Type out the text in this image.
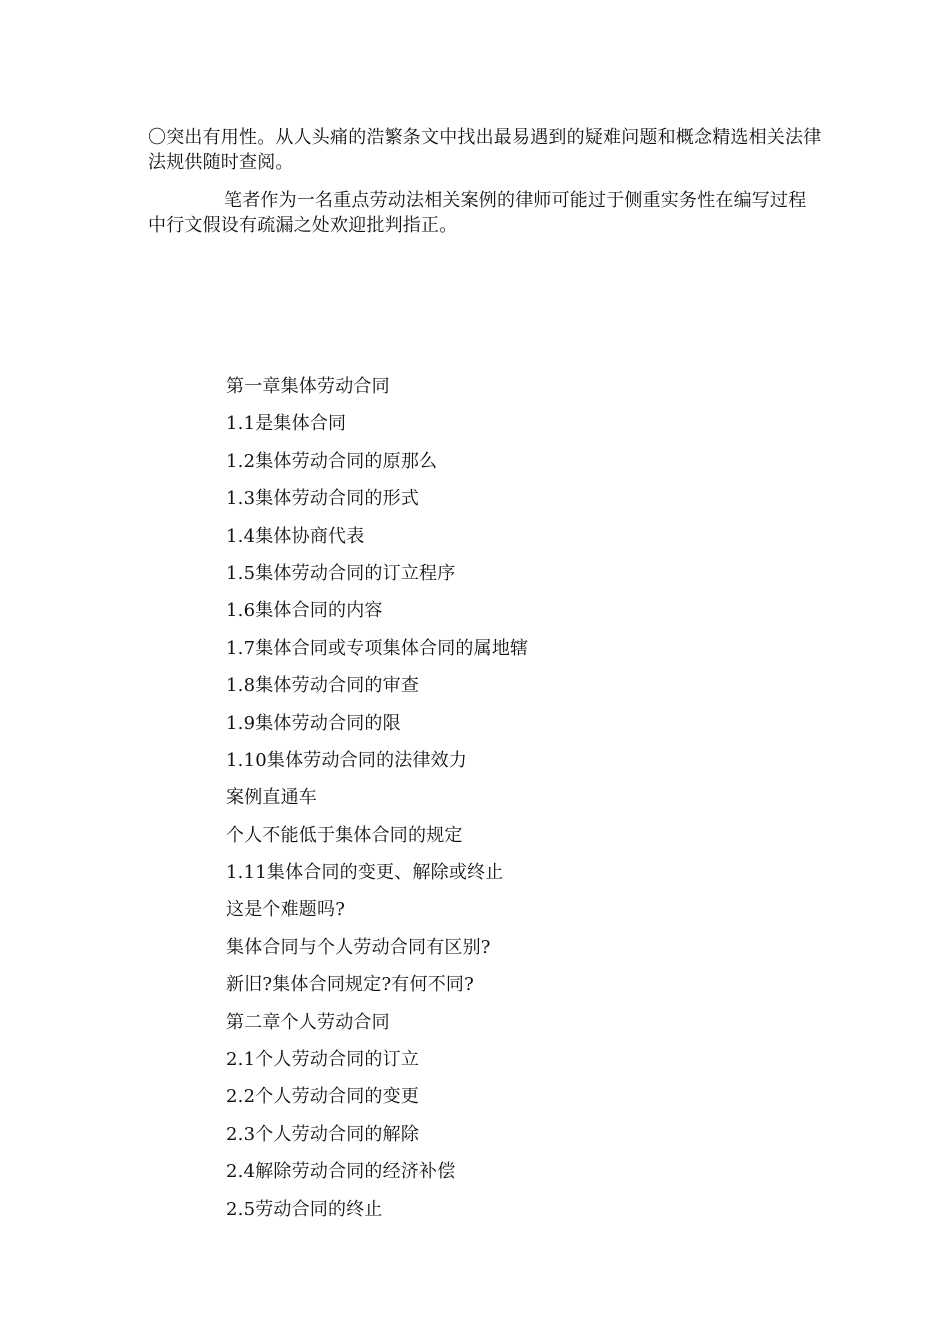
〇突出有用性。从人头痛的浩繁条文中找出最易遇到的疑难问题和概念精选相关法律法规供随时查阅。

笔者作为一名重点劳动法相关案例的律师可能过于侧重实务性在编写过程中行文假设有疏漏之处欢迎批判指正。

第一章集体劳动合同
1.1是集体合同
1.2集体劳动合同的原那么
1.3集体劳动合同的形式
1.4集体协商代表
1.5集体劳动合同的订立程序
1.6集体合同的内容
1.7集体合同或专项集体合同的属地辖
1.8集体劳动合同的审查
1.9集体劳动合同的限
1.10集体劳动合同的法律效力
案例直通车
个人不能低于集体合同的规定
1.11集体合同的变更、解除或终止
这是个难题吗?
集体合同与个人劳动合同有区别?
新旧?集体合同规定?有何不同?
第二章个人劳动合同
2.1个人劳动合同的订立
2.2个人劳动合同的变更
2.3个人劳动合同的解除
2.4解除劳动合同的经济补偿
2.5劳动合同的终止
